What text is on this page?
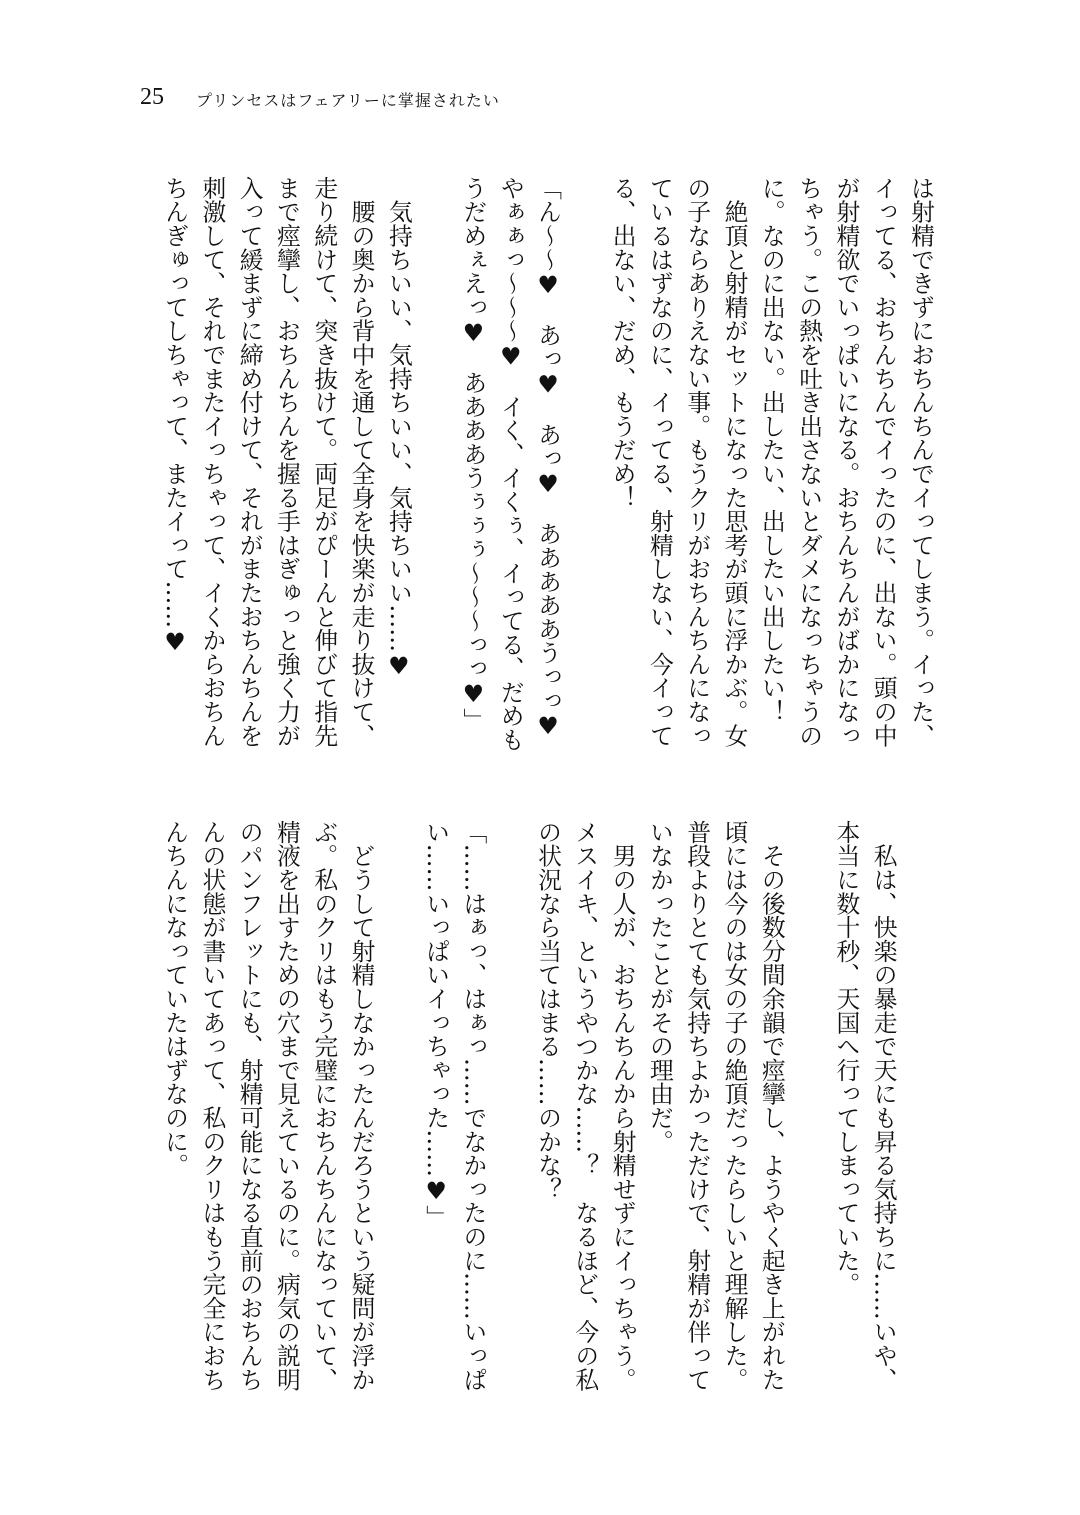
25 プリンセスはフェアリーに掌握されたい
は射精できずにおちんちんでイってしまう。イった、
イってる、おちんちんでイったのに、出ない。頭の中
が射精欲でいっぱいになる。おちんちんがばかになっ
ちゃう。この熱を吐き出さないとダメになっちゃうの
に。なのに出ない。出したい、出したい出したい！
　絶頂と射精がセットになった思考が頭に浮かぶ。女
の子ならありえない事。もうクリがおちんちんになっ
ているはずなのに、イってる、射精しない、今イって
る、出ない、だめ、もうだめ！
「ん〜〜♥　あっ♥　あっ♥　あああああうっっ♥
やぁぁっ〜〜〜♥　イく、イくぅ、イってる、だめも
うだめぇえっ♥　ああああうぅぅぅ〜〜〜っっ♥」
　気持ちいい、気持ちいい、気持ちいい……♥
　腰の奥から背中を通して全身を快楽が走り抜けて、
走り続けて、突き抜けて。両足がぴーんと伸びて指先
まで痙攣し、おちんちんを握る手はぎゅっと強く力が
入って緩まずに締め付けて、それがまたおちんちんを
刺激して、それでまたイっちゃって、イくからおちん
ちんぎゅってしちゃって、またイって……♥
　私は、快楽の暴走で天にも昇る気持ちに……いや、
本当に数十秒、天国へ行ってしまっていた。
　その後数分間余韻で痙攣し、ようやく起き上がれた
頃には今のは女の子の絶頂だったらしいと理解した。
普段よりとても気持ちよかっただけで、射精が伴って
いなかったことがその理由だ。
　男の人が、おちんちんから射精せずにイっちゃう。
メスイキ、というやつかな……？　なるほど、今の私
の状況なら当てはまる……のかな？
「……はぁっ、はぁっ……でなかったのに……いっぱ
い……いっぱいイっちゃった……♥」
　どうして射精しなかったんだろうという疑問が浮か
ぶ。私のクリはもう完璧におちんちんになっていて、
精液を出すための穴まで見えているのに。病気の説明
のパンフレットにも、射精可能になる直前のおちんち
んの状態が書いてあって、私のクリはもう完全におち
んちんになっていたはずなのに。
